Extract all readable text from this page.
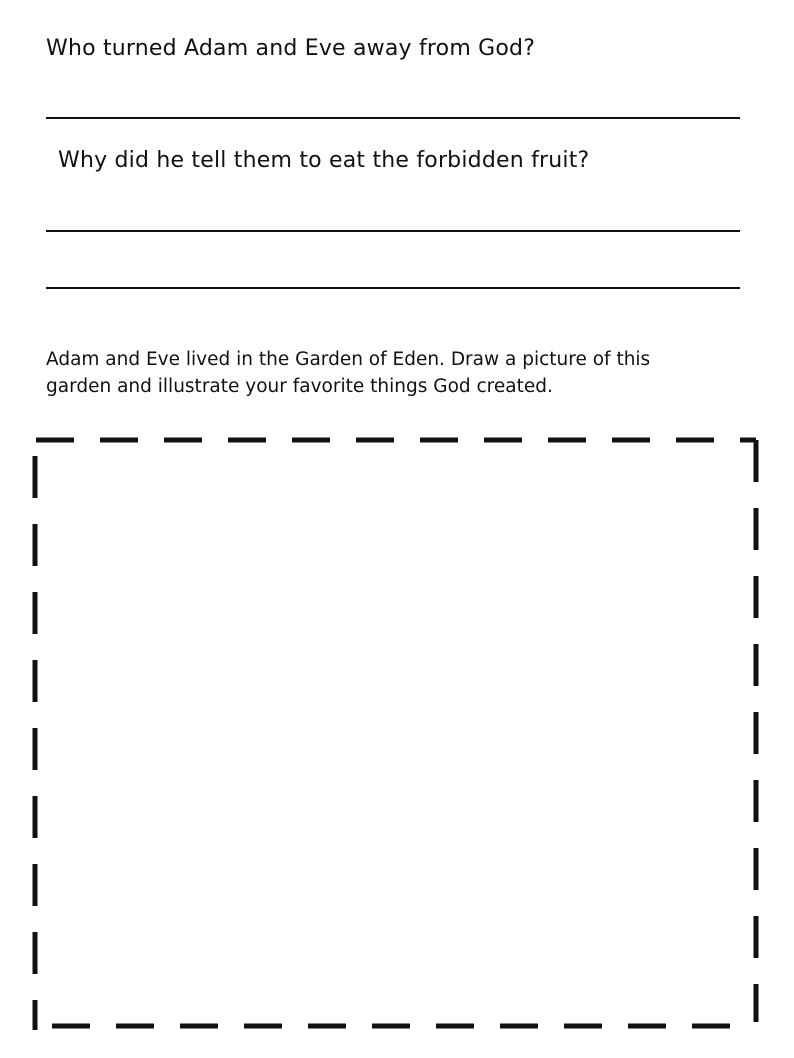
Who turned Adam and Eve away from God?
Why did he tell them to eat the forbidden fruit?

Adam and Eve lived in the Garden of Eden. Draw a picture of this

garden and illustrate your favorite things God created.
